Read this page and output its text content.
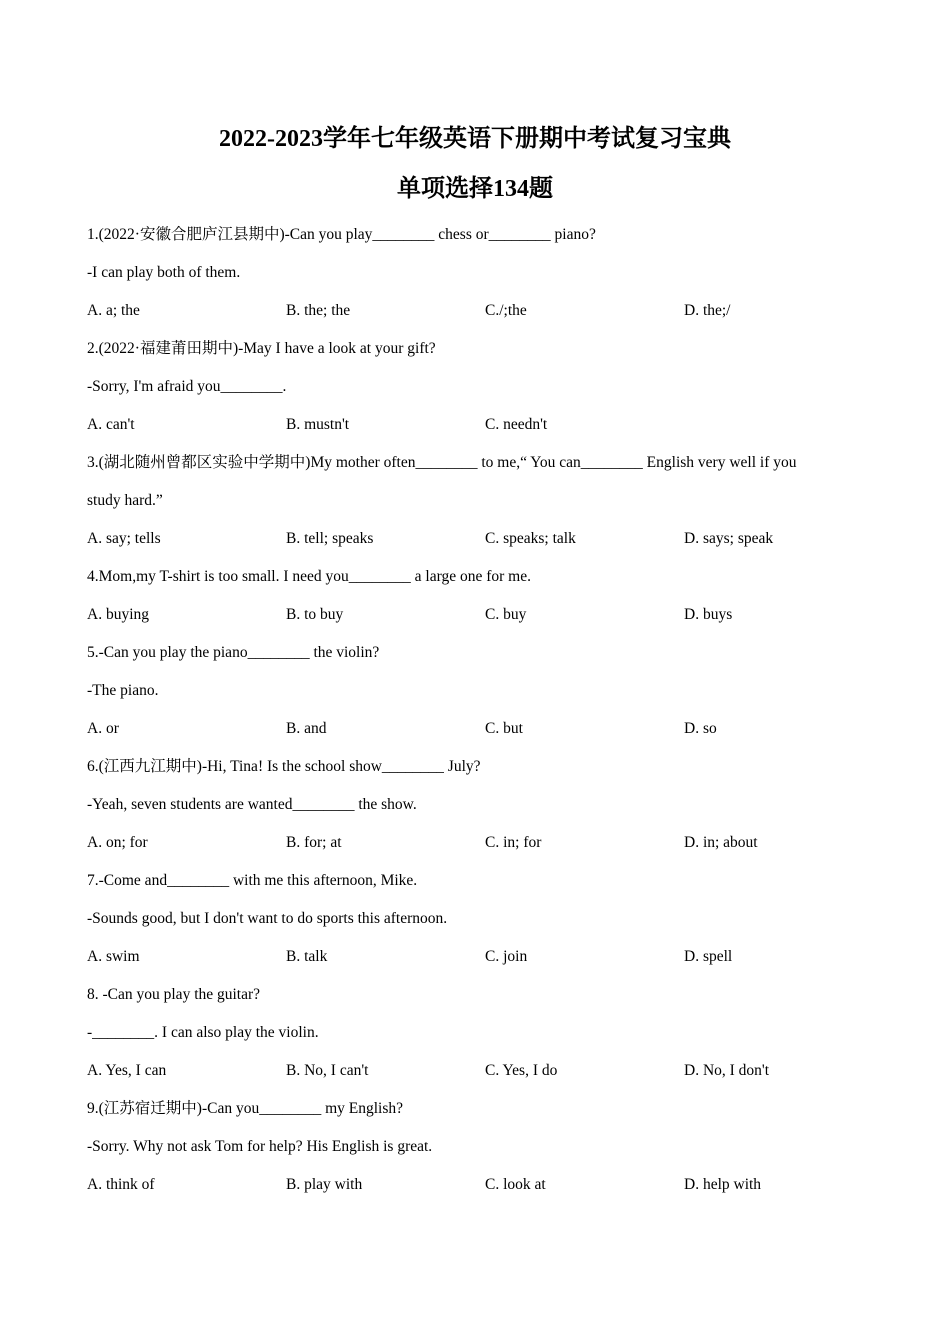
2022-2023学年七年级英语下册期中考试复习宝典
单项选择134题
1.(2022·安徽合肥庐江县期中)-Can you play________ chess or________ piano?
-I can play both of them.
A. a; the	B. the; the	C./;the	D. the;/
2.(2022·福建莆田期中)-May I have a look at your gift?
-Sorry, I'm afraid you________.
A. can't	B. mustn't	C. needn't
3.(湖北随州曾都区实验中学期中)My mother often________ to me,“ You can________ English very well if you
study hard.”
A. say; tells	B. tell; speaks	C. speaks; talk	D. says; speak
4.Mom,my T-shirt is too small. I need you________ a large one for me.
A. buying	B. to buy	C. buy	D. buys
5.-Can you play the piano________ the violin?
-The piano.
A. or	B. and	C. but	D. so
6.(江西九江期中)-Hi, Tina! Is the school show________ July?
-Yeah, seven students are wanted________ the show.
A. on; for	B. for; at	C. in; for	D. in; about
7.-Come and________ with me this afternoon, Mike.
-Sounds good, but I don't want to do sports this afternoon.
A. swim	B. talk	C. join	D. spell
8. -Can you play the guitar?
-________. I can also play the violin.
A. Yes, I can	B. No, I can't	C. Yes, I do	D. No, I don't
9.(江苏宿迁期中)-Can you________ my English?
-Sorry. Why not ask Tom for help? His English is great.
A. think of	B. play with	C. look at	D. help with
